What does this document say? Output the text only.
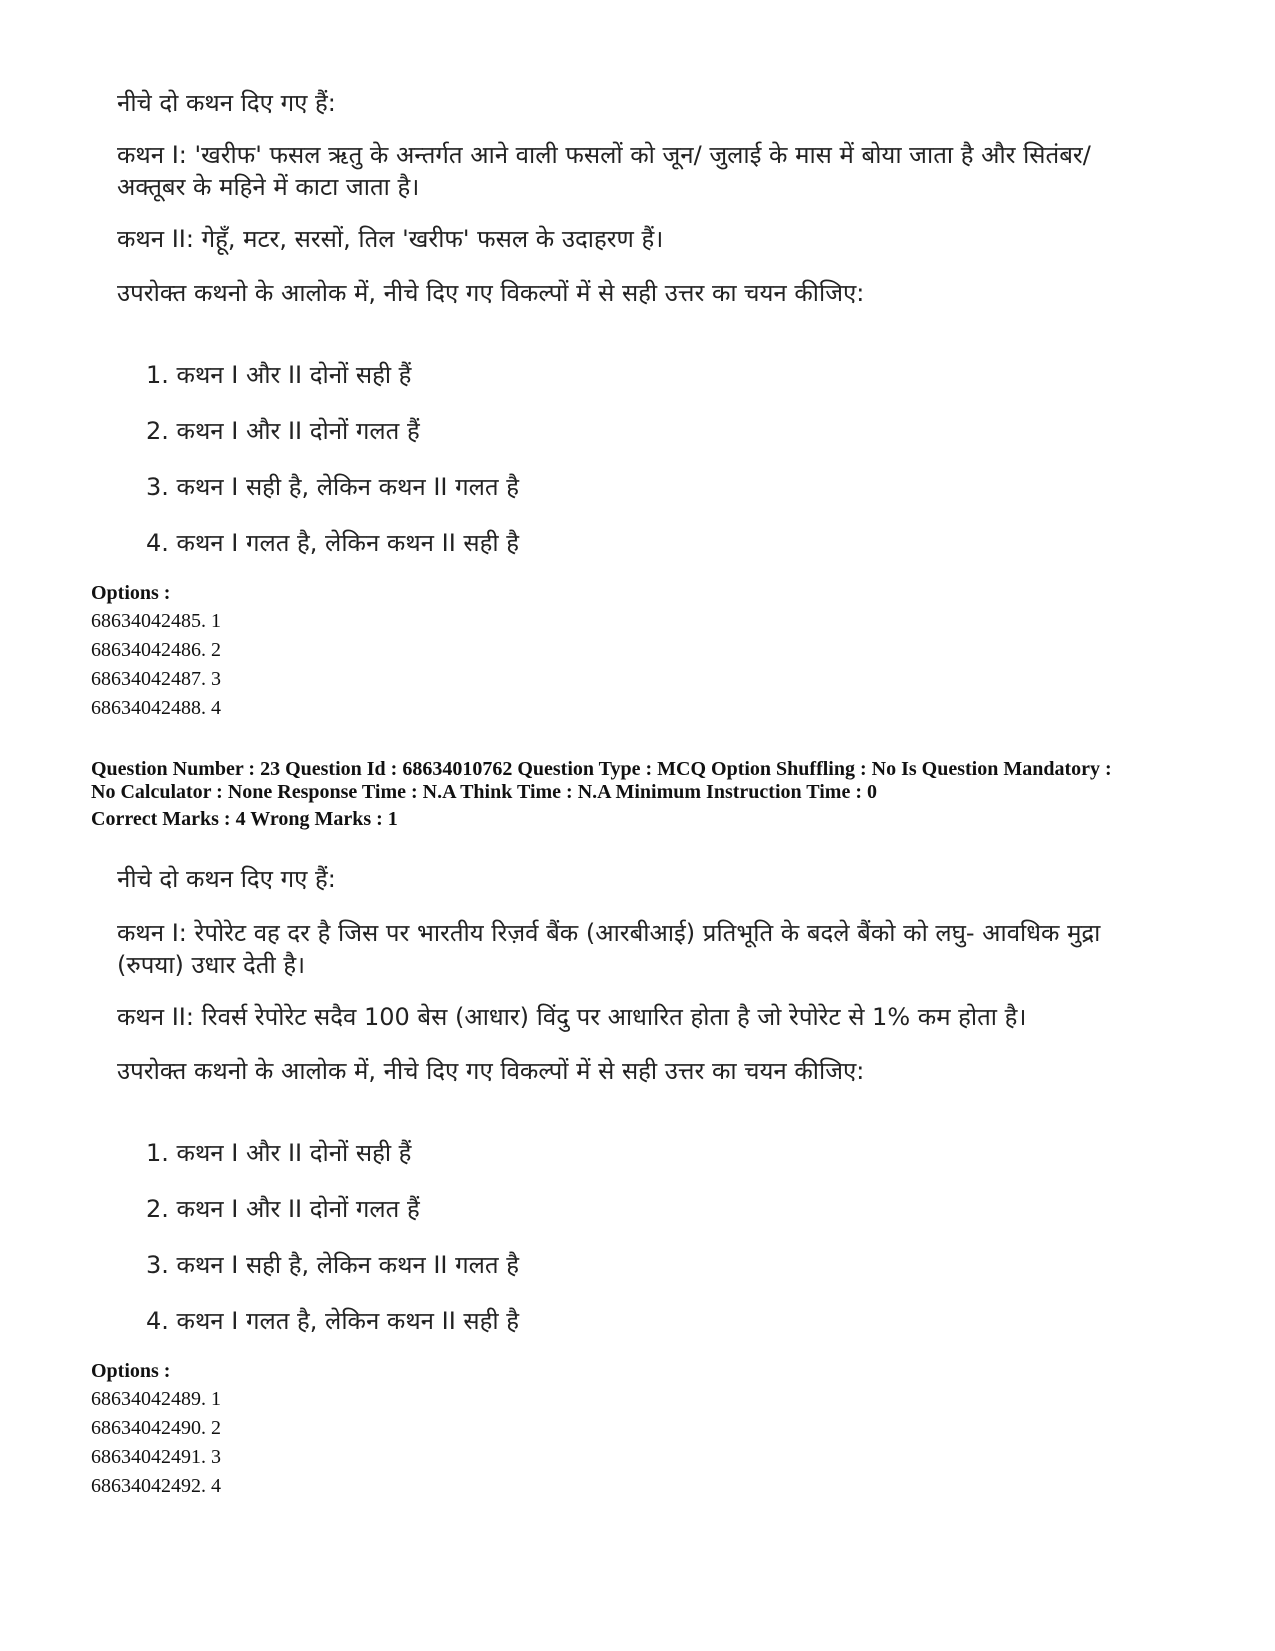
नीचे दो कथन दिए गए हैं:
कथन I: 'खरीफ' फसल ऋतु के अन्तर्गत आने वाली फसलों को जून/ जुलाई के मास में बोया जाता है और सितंबर/
अक्तूबर के महिने में काटा जाता है।
कथन II: गेहूँ, मटर, सरसों, तिल 'खरीफ' फसल के उदाहरण हैं।
उपरोक्त कथनो के आलोक में, नीचे दिए गए विकल्पों में से सही उत्तर का चयन कीजिए:
1. कथन I और II दोनों सही हैं
2. कथन I और II दोनों गलत हैं
3. कथन I सही है, लेकिन कथन II गलत है
4. कथन I गलत है, लेकिन कथन II सही है
Options :
68634042485. 1
68634042486. 2
68634042487. 3
68634042488. 4
Question Number : 23 Question Id : 68634010762 Question Type : MCQ Option Shuffling : No Is Question Mandatory :
No Calculator : None Response Time : N.A Think Time : N.A Minimum Instruction Time : 0
Correct Marks : 4 Wrong Marks : 1
नीचे दो कथन दिए गए हैं:
कथन I: रेपोरेट वह दर है जिस पर भारतीय रिज़र्व बैंक (आरबीआई) प्रतिभूति के बदले बैंको को लघु- आवधिक मुद्रा
(रुपया) उधार देती है।
कथन II: रिवर्स रेपोरेट सदैव 100 बेस (आधार) विंदु पर आधारित होता है जो रेपोरेट से 1% कम होता है।
उपरोक्त कथनो के आलोक में, नीचे दिए गए विकल्पों में से सही उत्तर का चयन कीजिए:
1. कथन I और II दोनों सही हैं
2. कथन I और II दोनों गलत हैं
3. कथन I सही है, लेकिन कथन II गलत है
4. कथन I गलत है, लेकिन कथन II सही है
Options :
68634042489. 1
68634042490. 2
68634042491. 3
68634042492. 4
